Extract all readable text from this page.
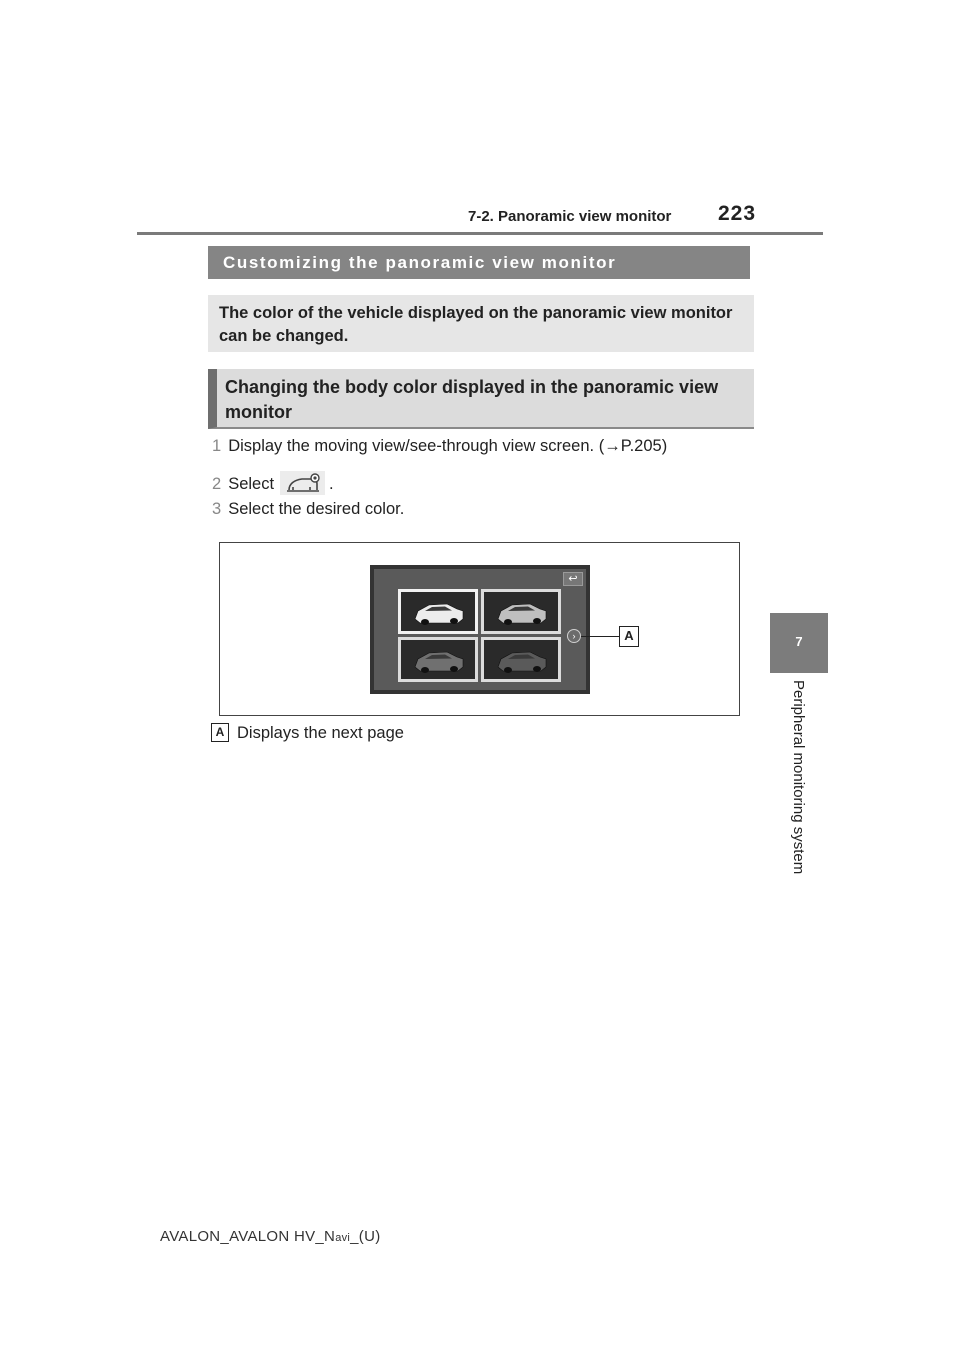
7-2. Panoramic view monitor 223
7
Peripheral monitoring system
Customizing the panoramic view monitor
The color of the vehicle displayed on the panoramic view monitor can be changed.
Changing the body color displayed in the panoramic view monitor
1 Display the moving view/see-through view screen. (→P.205)
2 Select	.
3 Select the desired color.
↩
›	A
A Displays the next page
AVALON_AVALON HV_Navi_(U)
